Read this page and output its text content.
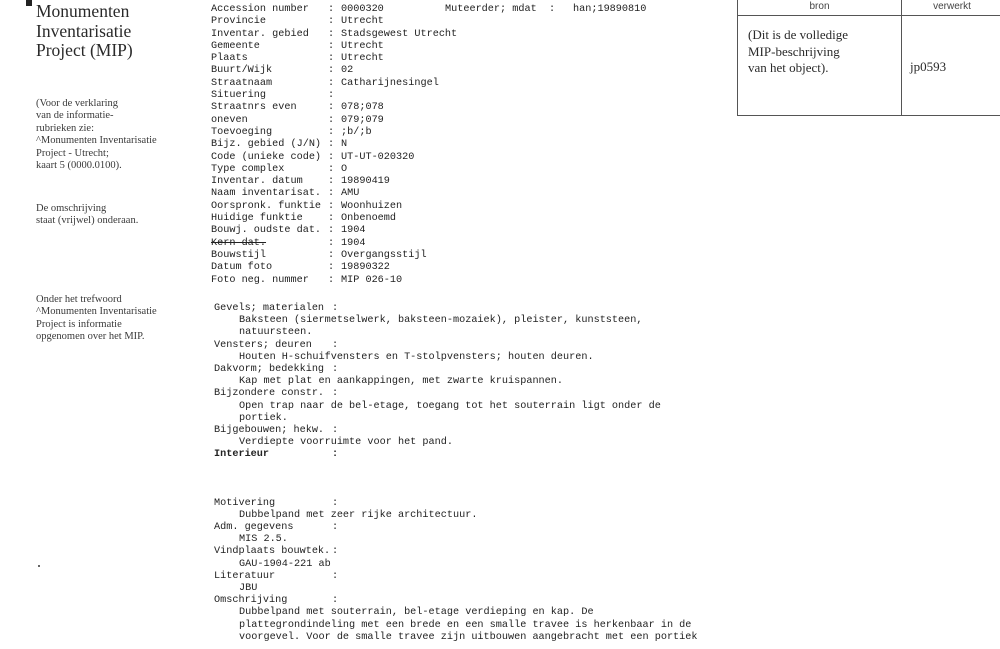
Monumenten
Inventarisatie
Project (MIP)
(Voor de verklaring
van de informatie-
rubrieken zie:
^Monumenten Inventarisatie
Project - Utrecht;
kaart 5 (0000.0100).
De omschrijving
staat (vrijwel) onderaan.
Onder het trefwoord
^Monumenten Inventarisatie
Project is informatie
opgenomen over het MIP.
Accession number : 0000320
Provincie	: Utrecht
Inventar. gebied : Stadsgewest Utrecht
Gemeente	: Utrecht
Plaats	: Utrecht
Buurt/Wijk	: 02
Straatnaam	: Catharijnesingel
Situering	:
Straatnrs even	: 078;078
oneven	: 079;079
Toevoeging	: ;b/;b
Bijz. gebied (J/N) : N
Code (unieke code) : UT-UT-020320
Type complex	: O
Inventar. datum : 19890419
Naam inventarisat. : AMU
Oorspronk. funktie : Woonhuizen
Huidige funktie : Onbenoemd
Bouwj. oudste dat. : 1904
Kern dat.	: 1904
Bouwstijl	: Overgangsstijl
Datum foto	: 19890322
Foto neg. nummer : MIP 026-10
Muteerder; mdat : han;19890810
Gevels; materialen :
Baksteen (siermetselwerk, baksteen-mozaiek), pleister, kunststeen,
natuursteen.
Vensters; deuren :
Houten H-schuifvensters en T-stolpvensters; houten deuren.
Dakvorm; bedekking :
Kap met plat en aankappingen, met zwarte kruispannen.
Bijzondere constr. :
Open trap naar de bel-etage, toegang tot het souterrain ligt onder de
portiek.
Bijgebouwen; hekw. :
Verdiepte voorruimte voor het pand.
Interieur	:
Motivering	:
Dubbelpand met zeer rijke architectuur.
Adm. gegevens	:
MIS 2.5.
Vindplaats bouwtek. :
GAU-1904-221 ab
Literatuur	:
JBU
Omschrijving	:
Dubbelpand met souterrain, bel-etage verdieping en kap. De
plattegrondindeling met een brede en een smalle travee is herkenbaar in de
voorgevel. Voor de smalle travee zijn uitbouwen aangebracht met een portiek
bron	verwerkt
(Dit is de volledige
MIP-beschrijving
van het object).	jp0593
